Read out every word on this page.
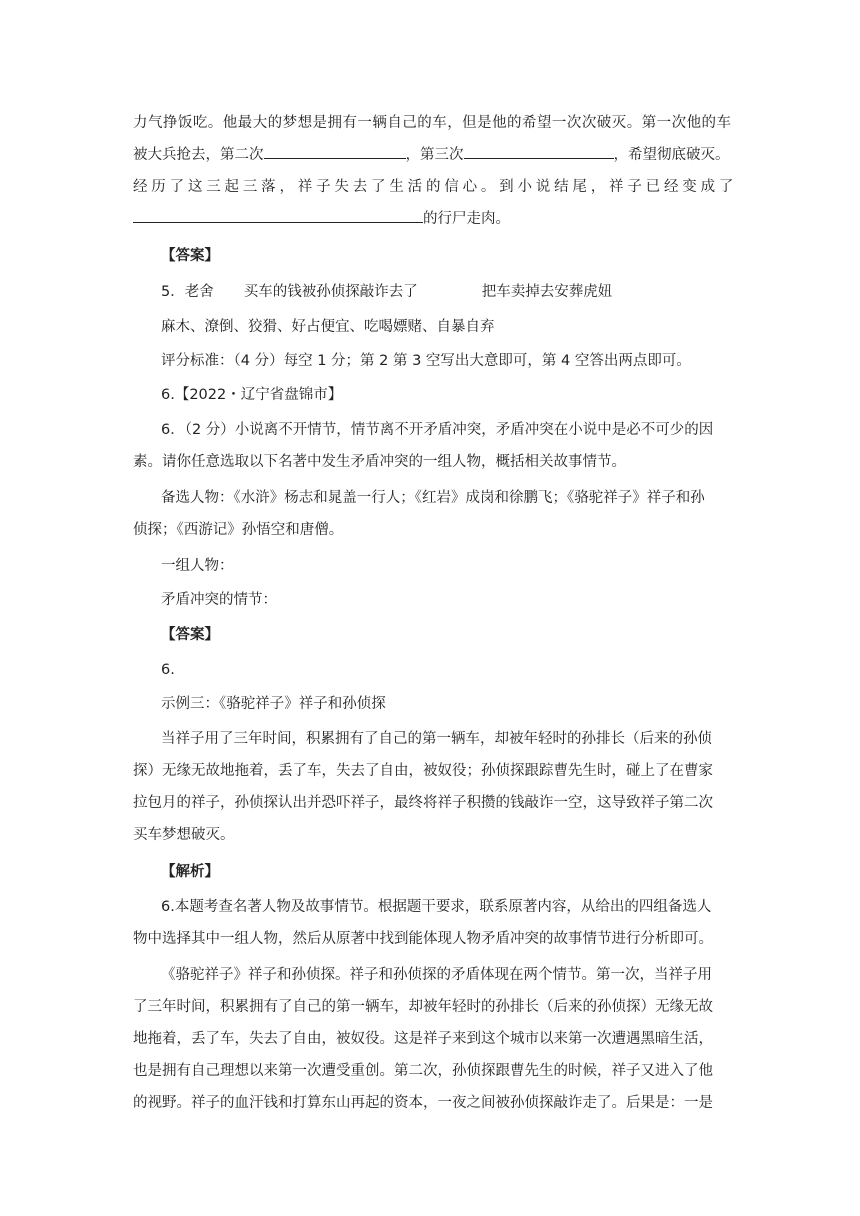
力气挣饭吃。他最大的梦想是拥有一辆自己的车，但是他的希望一次次破灭。第一次他的车
被大兵抢去，第二次	，第三次	，希望彻底破灭。
经 历 了 这 三 起 三 落 ， 祥 子 失 去 了 生 活 的 信 心 。 到 小 说 结 尾 ， 祥 子 已 经 变 成 了
的行尸走肉。
【答案】
5．老舍 买车的钱被孙侦探敲诈去了	把车卖掉去安葬虎妞
麻木、潦倒、狡猾、好占便宜、吃喝嫖赌、自暴自弃
评分标准：（4 分）每空 1 分；第 2 第 3 空写出大意即可，第 4 空答出两点即可。
6.【2022・辽宁省盘锦市】
6．（2 分）小说离不开情节，情节离不开矛盾冲突，矛盾冲突在小说中是必不可少的因
素。请你任意选取以下名著中发生矛盾冲突的一组人物，概括相关故事情节。
备选人物：《水浒》杨志和晁盖一行人；《红岩》成岗和徐鹏飞；《骆驼祥子》祥子和孙
侦探；《西游记》孙悟空和唐僧。
一组人物：
矛盾冲突的情节：
【答案】
6.
示例三：《骆驼祥子》祥子和孙侦探
当祥子用了三年时间，积累拥有了自己的第一辆车，却被年轻时的孙排长（后来的孙侦
探）无缘无故地拖着，丢了车，失去了自由，被奴役；孙侦探跟踪曹先生时，碰上了在曹家
拉包月的祥子，孙侦探认出并恐吓祥子，最终将祥子积攒的钱敲诈一空，这导致祥子第二次
买车梦想破灭。
【解析】
6.本题考查名著人物及故事情节。根据题干要求，联系原著内容，从给出的四组备选人
物中选择其中一组人物，然后从原著中找到能体现人物矛盾冲突的故事情节进行分析即可。
《骆驼祥子》祥子和孙侦探。祥子和孙侦探的矛盾体现在两个情节。第一次，当祥子用
了三年时间，积累拥有了自己的第一辆车，却被年轻时的孙排长（后来的孙侦探）无缘无故
地拖着，丢了车，失去了自由，被奴役。这是祥子来到这个城市以来第一次遭遇黑暗生活，
也是拥有自己理想以来第一次遭受重创。第二次，孙侦探跟曹先生的时候，祥子又进入了他
的视野。祥子的血汗钱和打算东山再起的资本，一夜之间被孙侦探敲诈走了。后果是：一是
